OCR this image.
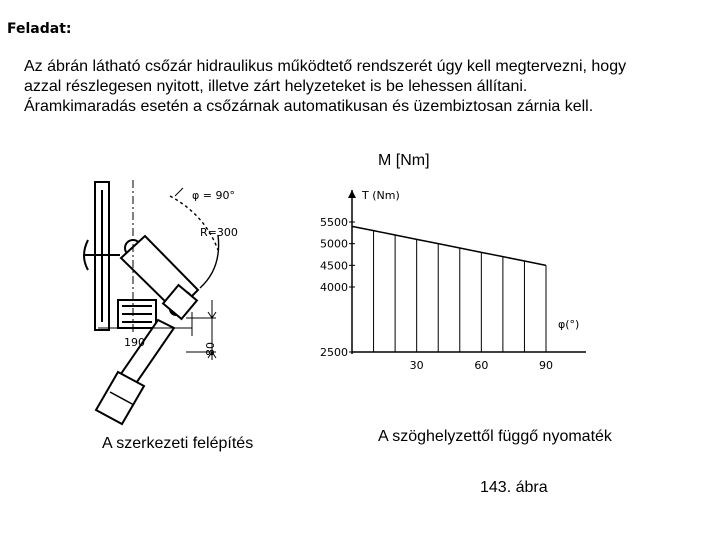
Feladat:

Az ábrán látható csőzár hidraulikus működtető rendszerét úgy kell megtervezni, hogy

azzal részlegesen nyitott, illetve zárt helyzeteket is be lehessen állítani.

Áramkimaradás esetén a csőzárnak automatikusan és üzembiztosan zárnia kell.

M [Nm]
φ = 90°
R=300
190	80	2500
4000
4500
5000
5500
30	60	90
T (Nm)
φ(°)
A szerkezeti felépítés	A szöghelyzettől függő nyomaték
143. ábra
